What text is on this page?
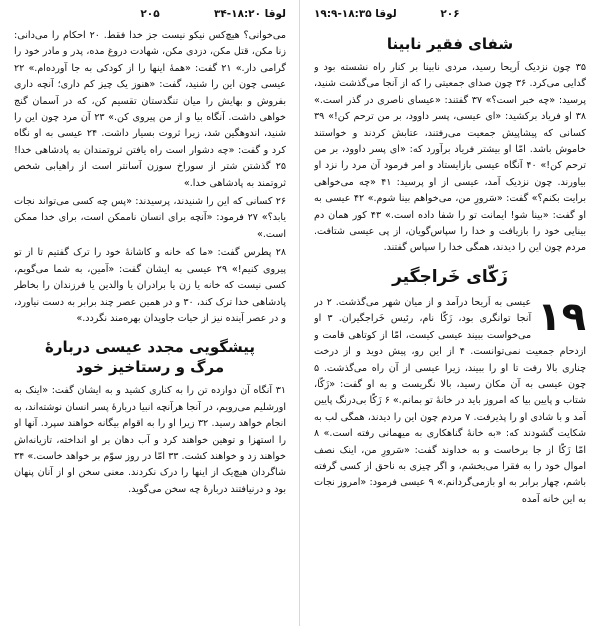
لوقا ۱۸:۲۰-۳۴
۲۰۵

می‌خوانی؟ هیچ‌کس نیکو نیست جز خدا فقط. ۲۰ احکام را می‌دانی: زنا مکن، قتل مکن، دزدی مکن، شهادت دروغ مده، پدر و مادر خود را گرامی دار.» ۲۱ گفت: «همهٔ اینها را از کودکی به جا آورده‌ام.» ۲۲ عیسی چون این را شنید، گفت: «هنوز یک چیز کم داری؛ آنچه داری بفروش و بهایش را میان تنگدستان تقسیم کن، که در آسمان گنج خواهی داشت. آنگاه بیا و از من پیروی کن.» ۲۳ آن مرد چون این را شنید، اندوهگین شد، زیرا ثروت بسیار داشت. ۲۴ عیسی به او نگاه کرد و گفت: «چه دشوار است راه یافتن ثروتمندان به پادشاهی خدا! ۲۵ گذشتن شتر از سوراخ سوزن آسانتر است از راهیابی شخص ثروتمند به پادشاهی خدا.»

۲۶ کسانی که این را شنیدند، پرسیدند: «پس چه کسی می‌تواند نجات یابد؟» ۲۷ فرمود: «آنچه برای انسان ناممکن است، برای خدا ممکن است.»

۲۸ پطرس گفت: «ما که خانه و کاشانهٔ خود را ترک گفتیم تا از تو پیروی کنیم!» ۲۹ عیسی به ایشان گفت: «آمین، به شما می‌گویم، کسی نیست که خانه یا زن یا برادران یا والدین یا فرزندان را بخاطر پادشاهی خدا ترک کند، ۳۰ و در همین عصر چند برابر به دست نیاورد، و در عصر آینده نیز از حیات جاویدان بهره‌مند نگردد.»

پیشگویی مجدد عیسی دربارهٔ
مرگ و رستاخیز خود

۳۱ آنگاه آن دوازده تن را به کناری کشید و به ایشان گفت: «اینک به اورشلیم می‌رویم، در آنجا هرآنچه انبیا دربارهٔ پسر انسان نوشته‌اند، به انجام خواهد رسید. ۳۲ زیرا او را به اقوام بیگانه خواهند سپرد. آنها او را استهزا و توهین خواهند کرد و آب دهان بر او انداخته، تازیانه‌اش خواهند زد و خواهند کشت. ۳۳ امّا در روز سوّم بر خواهد خاست.» ۳۴ شاگردان هیچ‌یک از اینها را درک نکردند. معنی سخن او از آنان پنهان بود و درنیافتند دربارهٔ چه سخن می‌گوید.

لوقا ۱۸:۳۵-۱۹:۹	۲۰۶
شفای فقیر نابینا

۳۵ چون نزدیک اَریحا رسید، مردی نابینا بر کنار راه نشسته بود و گدایی می‌کرد. ۳۶ چون صدای جمعیتی را که از آنجا می‌گذشت شنید، پرسید: «چه خبر است؟» ۳۷ گفتند: «عیسای ناصری در گذر است.» ۳۸ او فریاد برکشید: «ای عیسی، پسر داوود، بر من ترحم کن!» ۳۹ کسانی که پیشاپیش جمعیت می‌رفتند، عتابش کردند و خواستند خاموش باشد. امّا او بیشتر فریاد برآورد که: «ای پسر داوود، بر من ترحم کن!» ۴۰ آنگاه عیسی بازایستاد و امر فرمود آن مرد را نزد او بیاورند. چون نزدیک آمد، عیسی از او پرسید: ۴۱ «چه می‌خواهی برایت بکنم؟» گفت: «سَرورِ من، می‌خواهم بینا شوم.» ۴۲ عیسی به او گفت: «بینا شو! ایمانت تو را شفا داده است.» ۴۳ کور همان دم بینایی خود را بازیافت و خدا را سپاس‌گویان، از پی عیسی شتافت. مردم چون این را دیدند، همگی خدا را سپاس گفتند.

زَکّای خَراجگیر

۱۹
عیسی به اَریحا درآمد و از میان شهر می‌گذشت. ۲ در آنجا توانگری بود، زَکّا نام، رئیس خَراجگیران. ۳ او می‌خواست ببیند عیسی کیست، امّا از کوتاهی قامت و ازدحام جمعیت نمی‌توانست. ۴ از این رو، پیش دوید و از درخت چناری بالا رفت تا او را ببیند، زیرا عیسی از آن راه می‌گذشت. ۵ چون عیسی به آن مکان رسید، بالا نگریست و به او گفت: «زَکّا، شتاب و پایین بیا که امروز باید در خانهٔ تو بمانم.» ۶ زَکّا بی‌درنگ پایین آمد و با شادی او را پذیرفت. ۷ مردم چون این را دیدند، همگی لب به شکایت گشودند که: «به خانهٔ گناهکاری به میهمانی رفته است.» ۸ امّا زَکّا از جا برخاست و به خداوند گفت: «سَرورِ من، اینک نصف اموال خود را به فقرا می‌بخشم، و اگر چیزی به ناحق از کسی گرفته باشم، چهار برابر به او بازمی‌گردانم.» ۹ عیسی فرمود: «امروز نجات به این خانه آمده
